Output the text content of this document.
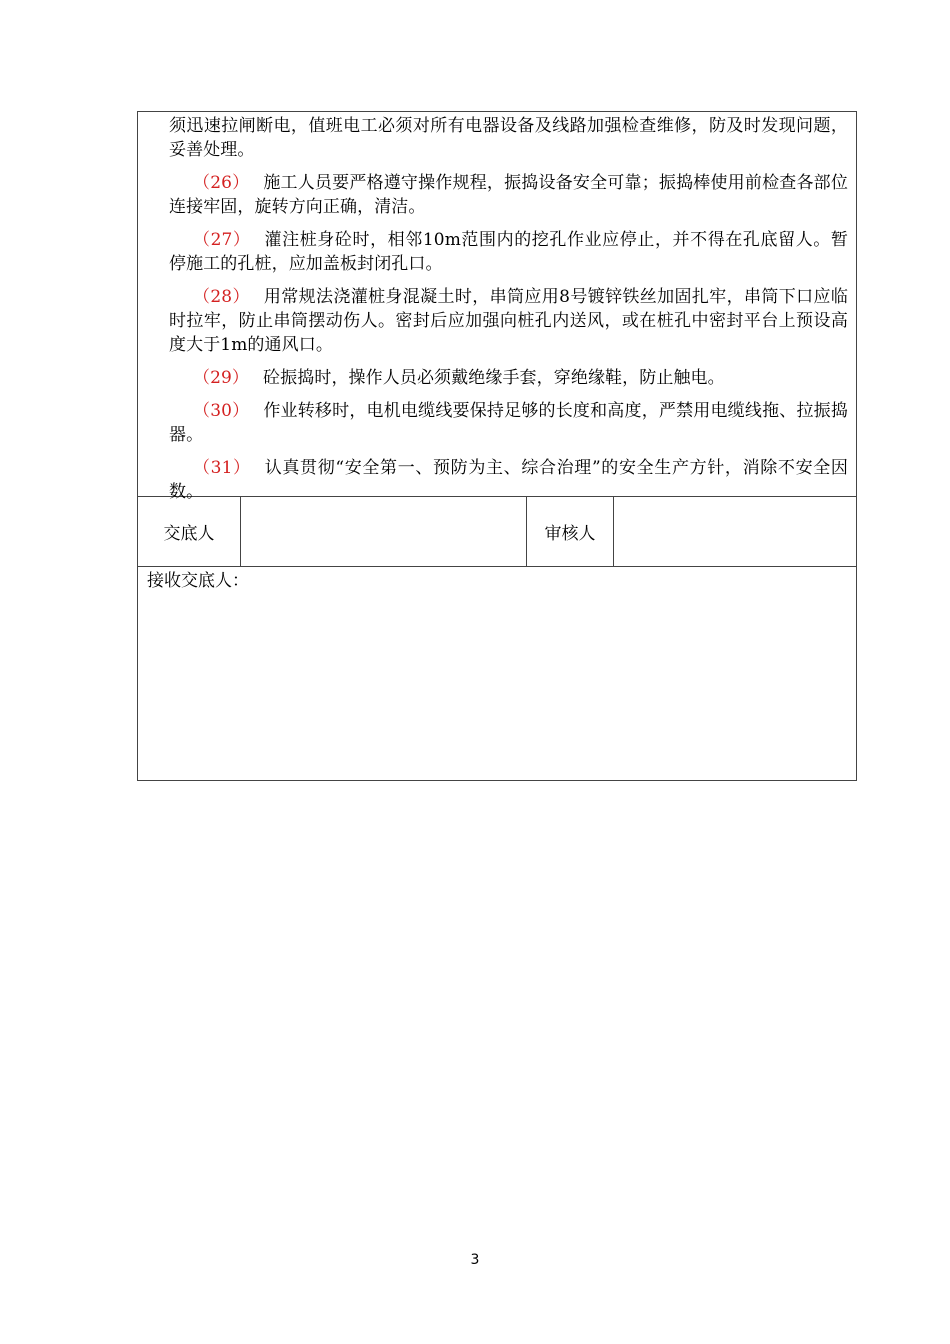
须迅速拉闸断电，值班电工必须对所有电器设备及线路加强检查维修，防及时发现问题，妥善处理。

（26） 施工人员要严格遵守操作规程，振捣设备安全可靠；振捣棒使用前检查各部位连接牢固，旋转方向正确，清洁。

（27） 灌注桩身砼时，相邻10m范围内的挖孔作业应停止，并不得在孔底留人。暂停施工的孔桩，应加盖板封闭孔口。

（28） 用常规法浇灌桩身混凝土时，串筒应用8号镀锌铁丝加固扎牢，串筒下口应临时拉牢，防止串筒摆动伤人。密封后应加强向桩孔内送风，或在桩孔中密封平台上预设高度大于1m的通风口。

（29） 砼振捣时，操作人员必须戴绝缘手套，穿绝缘鞋，防止触电。

（30） 作业转移时，电机电缆线要保持足够的长度和高度，严禁用电缆线拖、拉振捣器。

（31） 认真贯彻“安全第一、预防为主、综合治理”的安全生产方针，消除不安全因数。

交底人	审核人
接收交底人：
3
